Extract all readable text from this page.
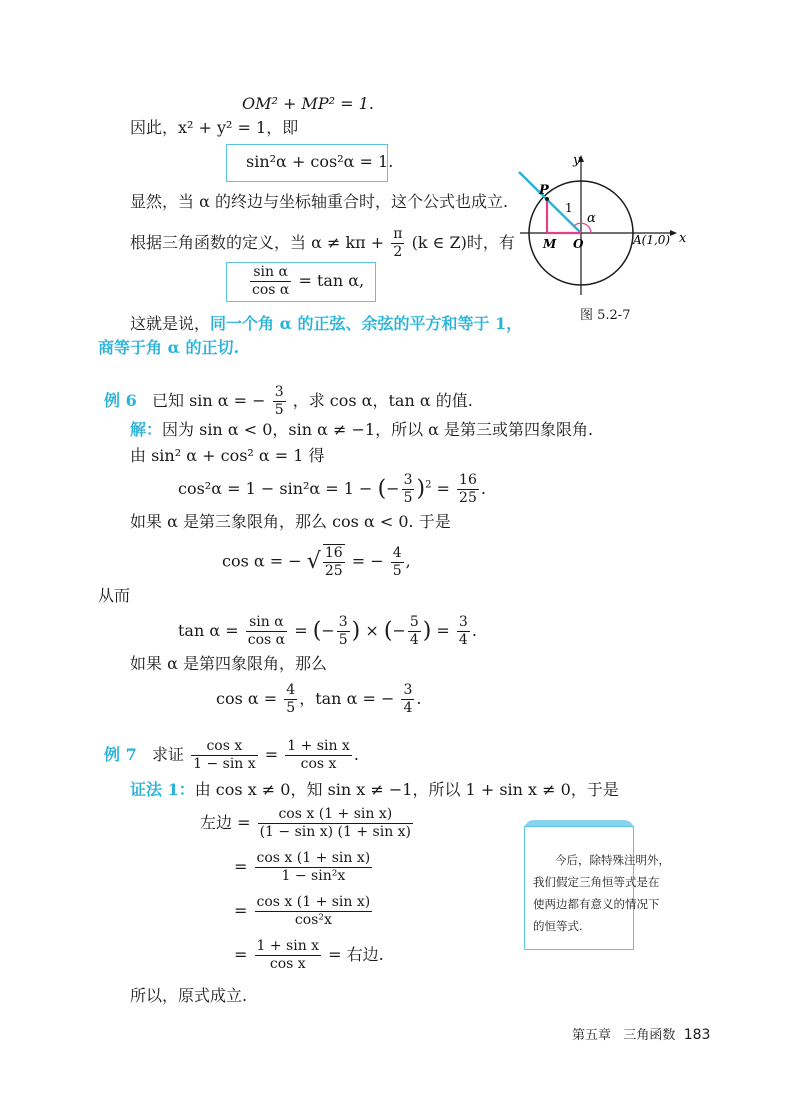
OM² + MP² = 1.
因此，x² + y² = 1，即
sin²α + cos²α = 1.
显然，当 α 的终边与坐标轴重合时，这个公式也成立.
根据三角函数的定义，当 $\alpha \ne k\pi + \frac{\pi}{2} (k$ ∈ Z)时，有
$\frac{\text{sin α}}{\text{cos α}} = \tan \alpha$,
这就是说，同一个角 α 的正弦、余弦的平方和等于 1，
商等于角 α 的正切.
y
x
P
1
α
M O	A(1,0)
图 5.2-7
例 6 已知 sin α = − $\frac{3}{5}$ ，求 cos α，tan α 的值.
解：因为 sin α < 0，sin α ≠ −1，所以 α 是第三或第四象限角.
由 sin² α + cos² α = 1 得
cos²α = 1 − sin²α = 1 − (− $\frac{3}{5} )^2 = \frac{16}{25}$ .
如果 α 是第三象限角，那么 cos α < 0. 于是
cos α = − √ $\frac{16}{25}$ = − $\frac{4}{5}$ ,
从而
$\tan \alpha = \frac{\text{sin α}}{\text{cos α}}$ = (− $\frac{3}{5}$ ) × (− $\frac{5}{4}$ ) = $\frac{3}{4}$ .
如果 α 是第四象限角，那么
$\cos \alpha = \frac{4}{5}$ ，tan α = − $\frac{3}{4}$ .
例 7 求证 $\frac{\text{cos x}}{\text{1 − sin x}} = \frac{\text{1 + sin x}}{\text{cos x}}$ .
证法 1：由 cos x ≠ 0，知 sin x ≠ −1，所以 1 + sin x ≠ 0，于是
左边 = $\frac{\text{cos x (1 + sin x)}}{\text{(1 − sin x) (1 + sin x)}}$
= $\frac{\text{cos x (1 + sin x)}}{\text{1 − sin²x}}$
= $\frac{\text{cos x (1 + sin x)}}{\text{cos²x}}$
= $\frac{\text{1 + sin x}}{\text{cos x}}$ = 右边.
所以，原式成立.
今后，除特殊注明外，
我们假定三角恒等式是在
使两边都有意义的情况下
的恒等式.
第五章 三角函数 183
